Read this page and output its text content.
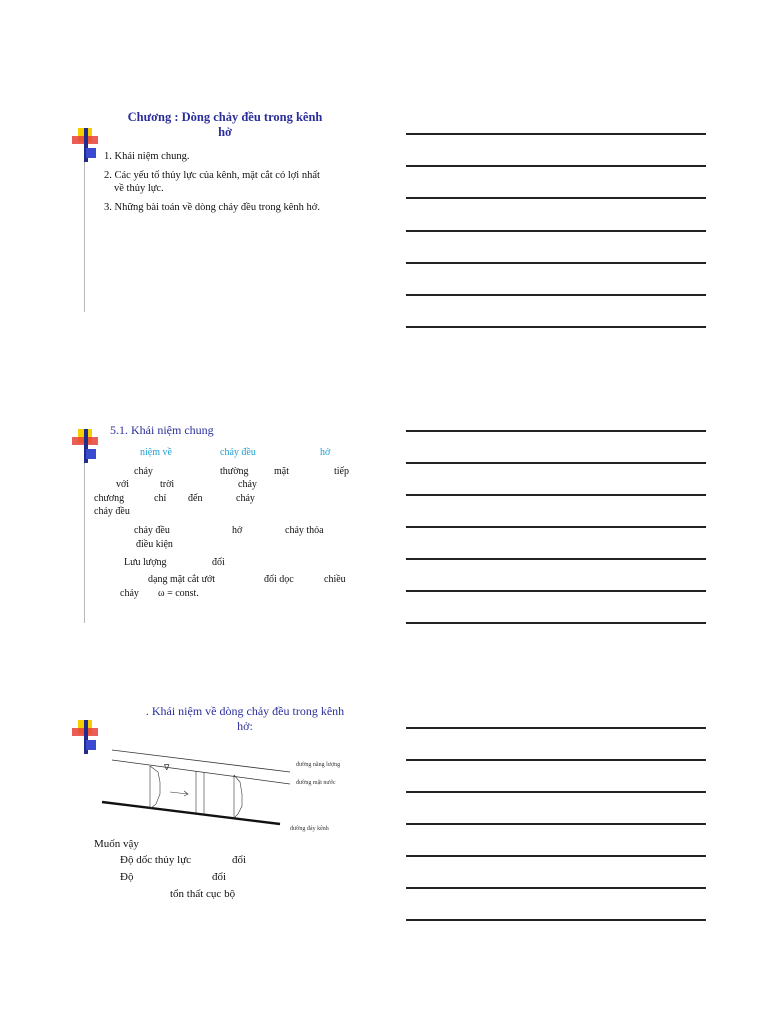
Chương : Dòng chảy đều trong kênh
hở
1. Khái niệm chung.
2. Các yếu tố thủy lực của kênh, mặt cắt có lợi nhất
về thủy lực.
3. Những bài toán về dòng chảy đều trong kênh hở.
5.1. Khái niệm chung
niệm về	chảy đều	hở
chảy	thường	mặt	tiếp
với	trời	chảy
chương	chỉ đến	chảy
chảy đều
chảy đều	hở	chảy thỏa
điều kiện
Lưu lượng	đổi
dạng mặt cắt ướt	đổi dọc	chiều
chảy ω = const.
. Khái niệm về dòng chảy đều trong kênh
hở:
∇	đường năng lượng
đường mặt nước
đường đáy kênh
Muốn vậy
Độ dốc thủy lực	đổi
Độ	đổi
tổn thất cục bộ
